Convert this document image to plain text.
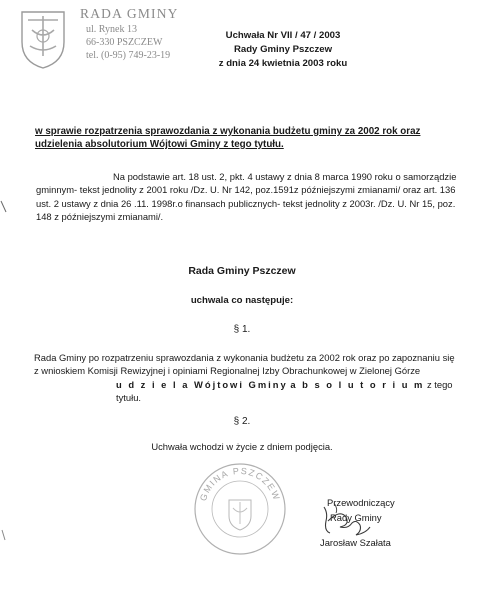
RADA GMINY
ul. Rynek 13
66-330 PSZCZEW
tel. (0-95) 749-23-19
Uchwała Nr VII / 47 / 2003
Rady Gminy Pszczew
z dnia 24 kwietnia 2003 roku
w sprawie rozpatrzenia sprawozdania z wykonania budżetu gminy za 2002 rok oraz udzielenia absolutorium Wójtowi Gminy z tego tytułu.
Na podstawie art. 18 ust. 2, pkt. 4 ustawy z dnia 8 marca 1990 roku o samorządzie gminnym- tekst jednolity z 2001 roku /Dz. U. Nr 142, poz.1591z późniejszymi zmianami/ oraz art. 136 ust. 2 ustawy z dnia 26 .11. 1998r.o finansach publicznych- tekst jednolity z 2003r. /Dz. U. Nr 15, poz. 148 z późniejszymi zmianami/.
Rada Gminy Pszczew
uchwala co następuje:
§ 1.
Rada Gminy po rozpatrzeniu sprawozdania z wykonania budżetu za 2002 rok oraz po zapoznaniu się
z wnioskiem Komisji Rewizyjnej i opiniami Regionalnej Izby Obrachunkowej w Zielonej Górze
u d z i e l a Wójtowi Gminy a b s o l u t o r i u m z tego tytułu.
§ 2.
Uchwała wchodzi w życie z dniem podjęcia.
GMINA PSZCZEW
Przewodniczący
Rady Gminy
Jarosław Szałata
